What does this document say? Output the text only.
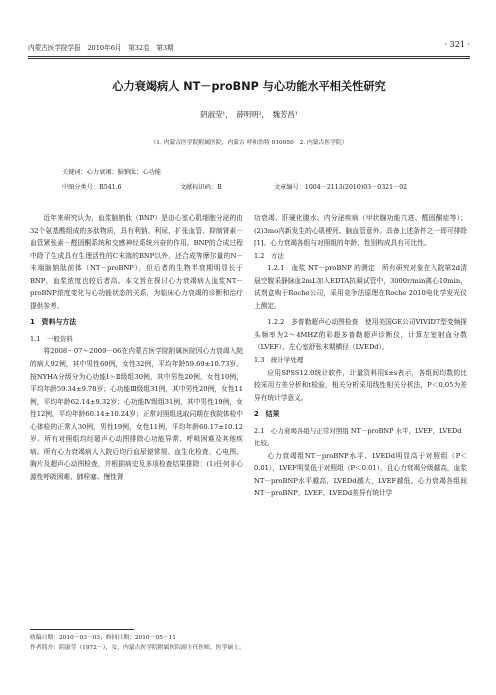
内蒙古医学院学报　2010年6月　第32卷　第3期	· 321 ·
心力衰竭病人 NT－proBNP 与心功能水平相关性研究
阴淑莹¹，　薛明明²，　魏芳昌¹
（1. 内蒙古医学院附属医院，内蒙古 呼和浩特 010050　2. 内蒙古医学院）
关键词：心力衰竭；脑钠肽；心功能
中图分类号：R541.6	文献标识码：B	文章编号：1004－2113(2010)03－0321－02

近年来研究认为，血浆脑钠肽（BNP）是由心室心肌细胞分泌的由32个氨基酸组成的多肽物质，具有利钠、利尿、扩张血管、抑制肾素－血管紧张素－醛固酮系统和交感神经系统兴奋的作用。BNP的合成过程中除了生成具有生理活性的C末端的BNP以外，还合成等摩尔量的N－末端脑钠肽前体（NT－proBNP），但后者的生物半衰期明显长于BNP，血浆浓度也较后者高。本文旨在探讨心力衰竭病人血浆NT－proBNP浓度变化与心功能状态的关系，为临床心力衰竭的诊断和治疗提供参考。

1　资料与方法
1.1　一般资料

将2008－07～2009－06在内蒙古医学院附属医院因心力衰竭入院的病人92例，其中男性60例，女性32例，平均年龄59.69±10.73岁。按NYHA分级分为心功能Ⅰ～Ⅱ级组30例，其中男性20例，女性10例，平均年龄59.34±9.78岁；心功能Ⅲ级组31例，其中男性20例，女性11例，平均年龄62.14±9.32岁；心功能Ⅳ级组31例，其中男性19例，女性12例，平均年龄60.14±10.24岁；正常对照组选取同期在我院体检中心体检的正常人30例，男性19例，女性11例，平均年龄60.17±10.12岁。所有对照组均经超声心动图排除心功能异常、呼吸困难及其他疾病。所有心力衰竭病人入院后均行血尿便常规、血生化检查、心电图、胸片及超声心动图检查，并根据病史及多项检查结果排除：(1)任何非心源性呼吸困难、肺栓塞、慢性肾

功衰竭、肝硬化腹水、内分泌疾病（甲状腺功能亢进、醛固酮症等）；(2)3mo内新发生的心肌梗死、脑血管意外。具备上述条件之一即可排除[1]。心力衰竭各组与对照组的年龄、性别构成具有可比性。

1.2　方法

1.2.1　血浆 NT－proBNP 的测定　 所有研究对象在入院第2d清晨空腹采静脉血2mL加入EDTA抗凝试管中，3000r/min离心10min，试剂盒购于Roche公司，采用竞争法原理在Roche 2010电化学发光仪上测定。

1.2.2　多普勒超声心动图检查　 使用美国GE公司VIVID7型变频探头频率为2～4MHZ的彩超多普勒超声诊断仪，计算左室射血分数（LVEF）、左心室舒张末期横径（LVEDd）。

1.3　统计学处理

应用SPSS12.0统计软件，计量资料用x̄±s表示，各组间均数的比较采用方差分析和t检验，相关分析采用线性相关分析法，P＜0.05为差异有统计学意义。

2　结果
2.1　心力衰竭各组与正常对照组 NT－proBNP 水平、LVEF、LVEDd 比较。

心力衰竭组NT－proBNP水平、LVEDd明显高于对照组（P＜0.01），LVEF明显低于对照组（P＜0.01），且心力衰竭分级越高，血浆NT－proBNP水平越高，LVEDd越大，LVEF越低。心力衰竭各组间NT－proBNP、LVEF、LVEDd差异有统计学

收稿日期：2010－03－03；修回日期：2010－05－11
作者简介：阴淑莹（1972－），女，内蒙古医学院附属医院副主任医师，医学硕士。
